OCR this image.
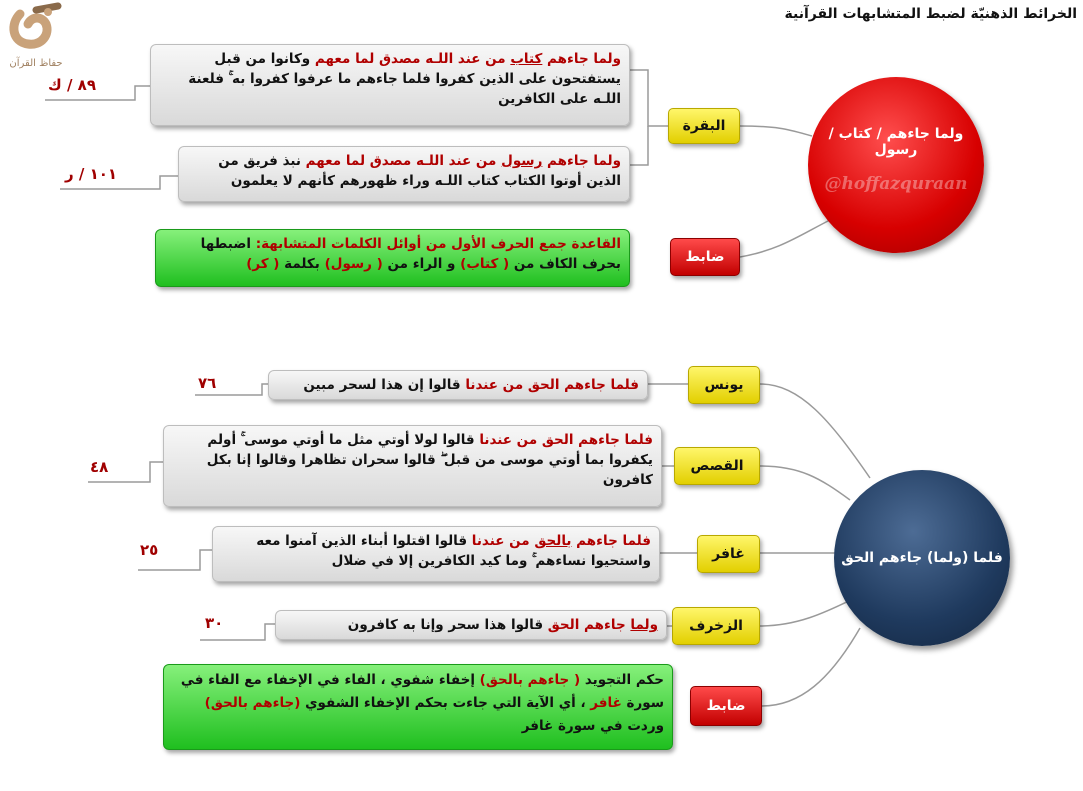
الخرائط الذهنيّة لضبط المتشابهات القرآنية
حفاظ القرآن
ولما جاءهم / كتاب / رسول
@hoffazquraan
البقرة
ولما جاءهم كتاب من عند اللـه مصدق لما معهم وكانوا من قبل يستفتحون على الذين كفروا فلما جاءهم ما عرفوا كفروا به ۚ فلعنة اللـه على الكافرين
٨٩ / ك
ولما جاءهم رسول من عند اللـه مصدق لما معهم نبذ فريق من الذين أوتوا الكتاب كتاب اللـه وراء ظهورهم كأنهم لا يعلمون
١٠١ / ر
ضابط
القاعدة جمع الحرف الأول من أوائل الكلمات المتشابهة: اضبطها بحرف الكاف من ( كتاب) و الراء من ( رسول) بكلمة ( كر)
فلما (ولما) جاءهم الحق
يونس
فلما جاءهم الحق من عندنا قالوا إن هذا لسحر مبين
٧٦
القصص
فلما جاءهم الحق من عندنا قالوا لولا أوتي مثل ما أوتي موسى ۚ أولم يكفروا بما أوتي موسى من قبل ۖ قالوا سحران تظاهرا وقالوا إنا بكل كافرون
٤٨
غافر
فلما جاءهم بالحق من عندنا قالوا اقتلوا أبناء الذين آمنوا معه واستحيوا نساءهم ۚ وما كيد الكافرين إلا في ضلال
٢٥
الزخرف
ولما جاءهم الحق قالوا هذا سحر وإنا به كافرون
٣٠
ضابط
حكم التجويد ( جاءهم بالحق) إخفاء شفوي ، الفاء في الإخفاء مع الفاء في سورة غافر ، أي الآية التي جاءت بحكم الإخفاء الشفوي (جاءهم بالحق) وردت في سورة غافر
